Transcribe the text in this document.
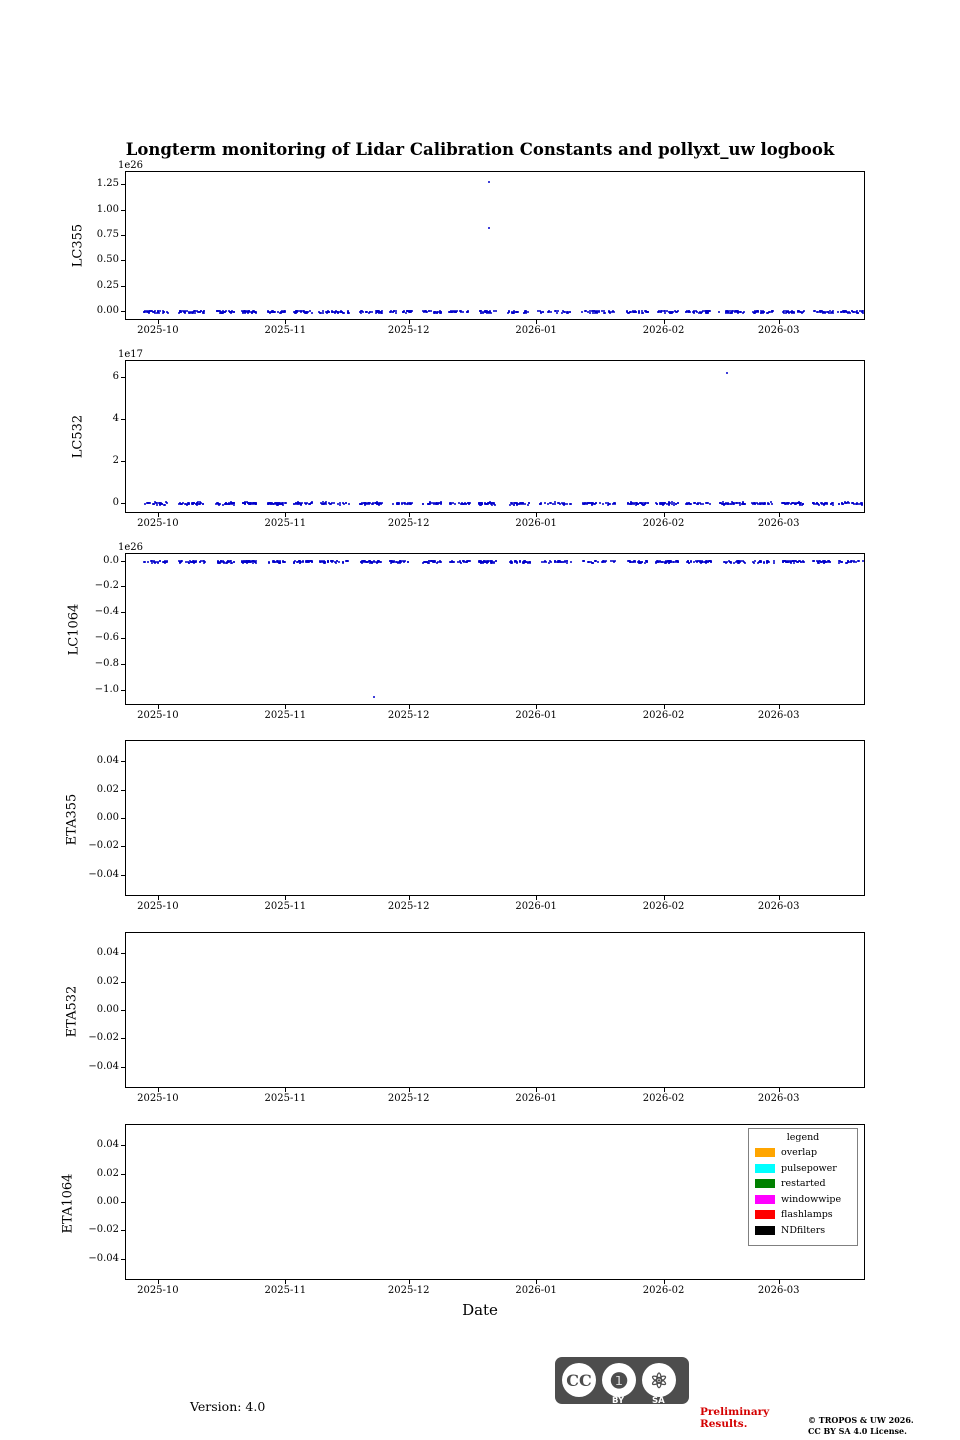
Longterm monitoring of Lidar Calibration Constants and pollyxt_uw logbook
1e26
LC355
1e17
LC532
1e26
LC1064
ETA355
ETA532
ETA1064
legend
overlap
pulsepower
restarted
windowwipe
flashlamps
NDfilters
Date
Version: 4.0
CC ❶	⚛
BY	SA
Preliminary
Results.	© TROPOS & UW 2026.
CC BY SA 4.0 License.
1.25
1.00
0.75
0.50
0.25
0.00
2025-10	2025-11	2025-12	2026-01	2026-02	2026-03
6
4
2
0
2025-10	2025-11	2025-12	2026-01	2026-02	2026-03
0.0
−0.2
−0.4
−0.6
−0.8
−1.0
2025-10	2025-11	2025-12	2026-01	2026-02	2026-03
0.04
0.02
0.00
−0.02
−0.04
2025-10	2025-11	2025-12	2026-01	2026-02	2026-03
0.04
0.02
0.00
−0.02
−0.04
2025-10	2025-11	2025-12	2026-01	2026-02	2026-03
0.04
0.02
0.00
−0.02
−0.04
2025-10	2025-11	2025-12	2026-01	2026-02	2026-03
